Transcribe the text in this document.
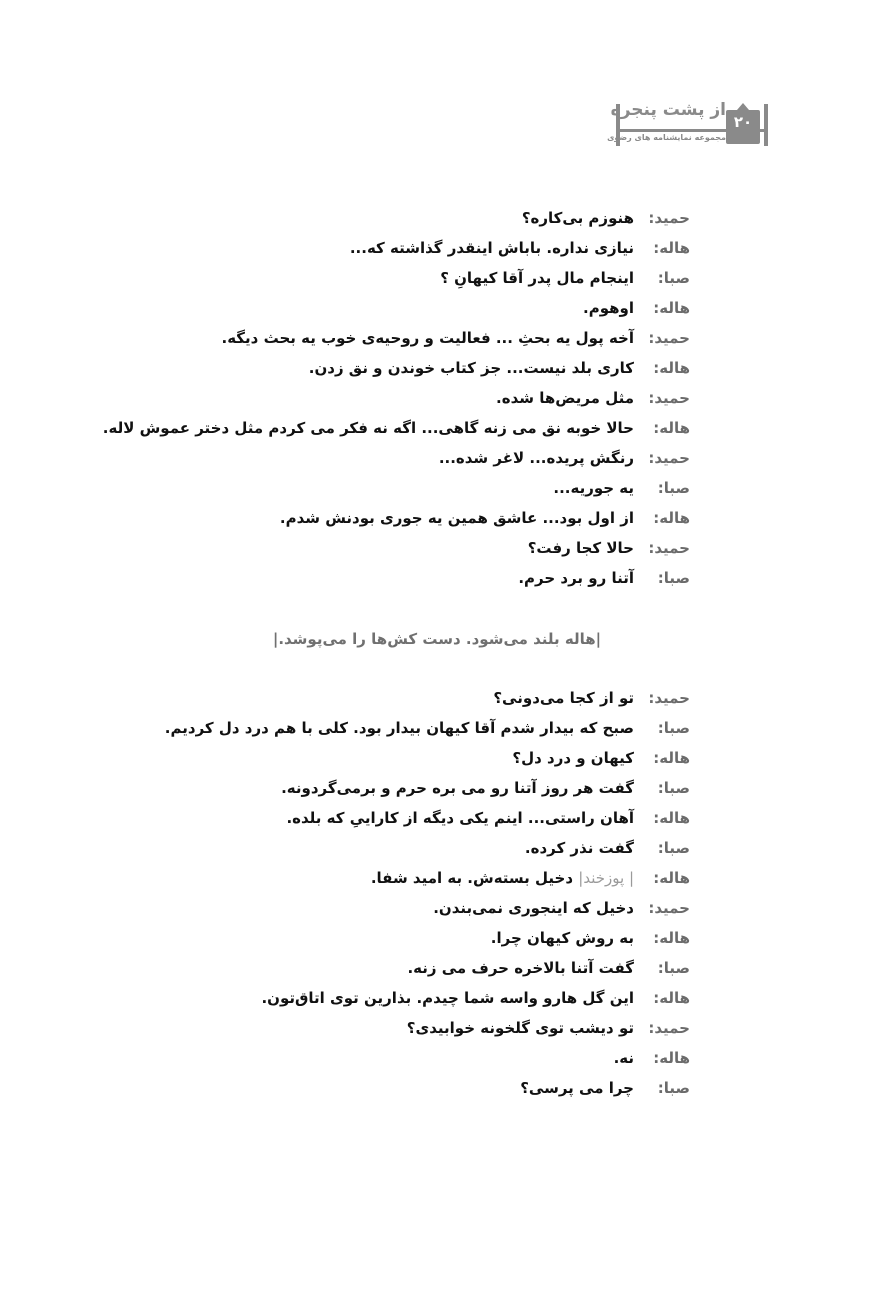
از پشت پنجره
مجموعه نمایشنامه های رضوی
۲۰
حمید:هنوزم بی‌کاره؟
هاله:نیازی نداره. باباش اینقدر گذاشته که...
صبا:اینجام مال پدر آقا کیهانِ ؟
هاله:اوهوم.
حمید:آخه پول یه بحثِ ... فعالیت و روحیه‌ی خوب یه بحث دیگه.
هاله:کاری بلد نیست... جز کتاب خوندن و نق زدن.
حمید:مثل مریض‌ها شده.
هاله:حالا خوبه نق می زنه گاهی... اگه نه فکر می کردم مثل دختر عموش لاله.
حمید:رنگش پریده... لاغر شده...
صبا:یه جوریه...
هاله:از اول بود... عاشق همین یه جوری بودنش شدم.
حمید:حالا کجا رفت؟
صبا:آتنا رو برد حرم.
|هاله بلند می‌شود. دست کش‌ها را می‌پوشد.|
حمید:تو از کجا می‌دونی؟
صبا:صبح که بیدار شدم آقا کیهان بیدار بود. کلی با هم درد دل کردیم.
هاله:کیهان و درد دل؟
صبا:گفت هر روز آتنا رو می بره حرم و برمی‌گردونه.
هاله:آهان راستی... اینم یکی دیگه از کاراییِ که بلده.
صبا:گفت نذر کرده.
هاله:| پوزخند| دخیل بسته‌ش. به امید شفا.
حمید:دخیل که اینجوری نمی‌بندن.
هاله:به روش کیهان چرا.
صبا:گفت آتنا بالاخره حرف می زنه.
هاله:این گل هارو واسه شما چیدم. بذارین توی اتاق‌تون.
حمید:تو دیشب توی گلخونه خوابیدی؟
هاله:نه.
صبا:چرا می پرسی؟
